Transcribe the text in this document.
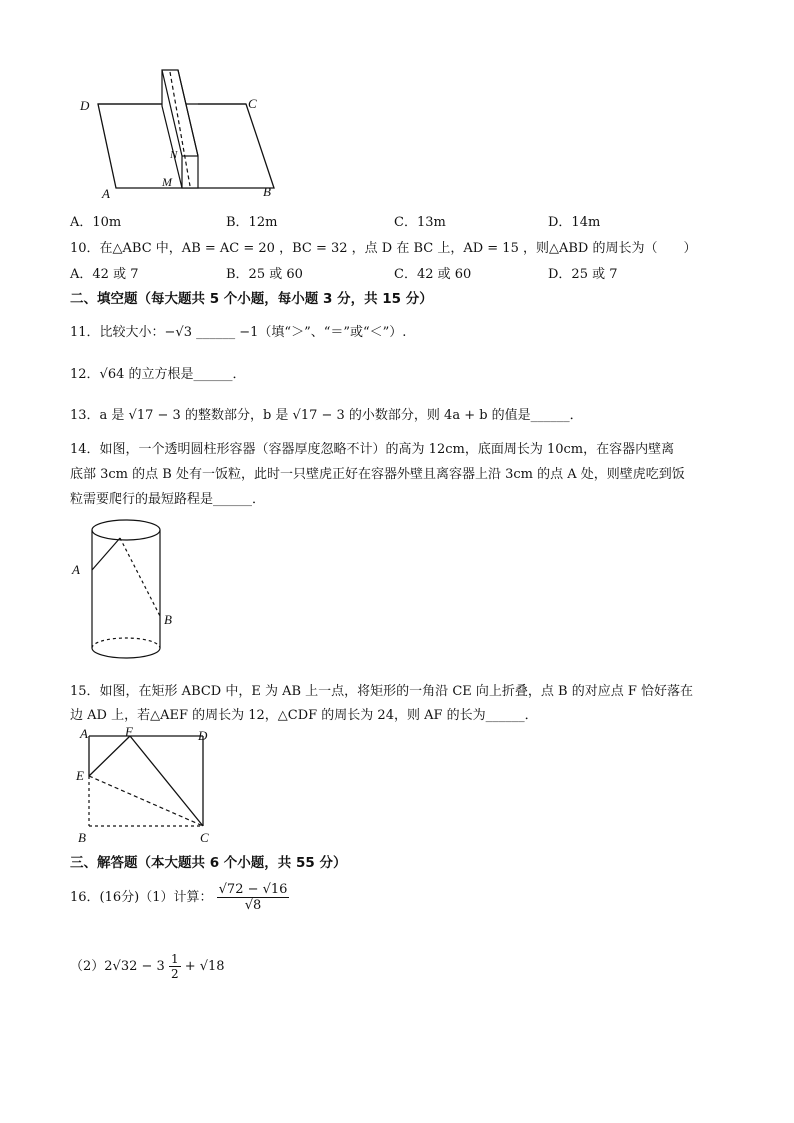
D	C
A	B
N
M
A．10m	B．12m	C．13m	D．14m
10．在△ABC 中，AB = AC = 20 ，BC = 32 ，点 D 在 BC 上，AD = 15 ，则△ABD 的周长为（　　）
A．42 或 7	B．25 或 60	C．42 或 60	D．25 或 7
二、填空题（每大题共 5 个小题，每小题 3 分，共 15 分）
11．比较大小：−√3 ______ −1（填“＞”、“＝”或“＜”）.
12．√64 的立方根是______．
13．a 是 √17 − 3 的整数部分，b 是 √17 − 3 的小数部分，则 4a + b 的值是______．
14．如图，一个透明圆柱形容器（容器厚度忽略不计）的高为 12cm，底面周长为 10cm，在容器内壁离
底部 3cm 的点 B 处有一饭粒，此时一只壁虎正好在容器外壁且离容器上沿 3cm 的点 A 处，则壁虎吃到饭
粒需要爬行的最短路程是______．
A
B
15．如图，在矩形 ABCD 中，E 为 AB 上一点，将矩形的一角沿 CE 向上折叠，点 B 的对应点 F 恰好落在
边 AD 上，若△AEF 的周长为 12，△CDF 的周长为 24，则 AF 的长为______．
A	F	D
E
B	C
三、解答题（本大题共 6 个小题，共 55 分）
16．(16分)（1）计算： $\frac{√72 - √16}{√8}$
$(2)2√32 - 3 \frac{1}{2} + √18$
